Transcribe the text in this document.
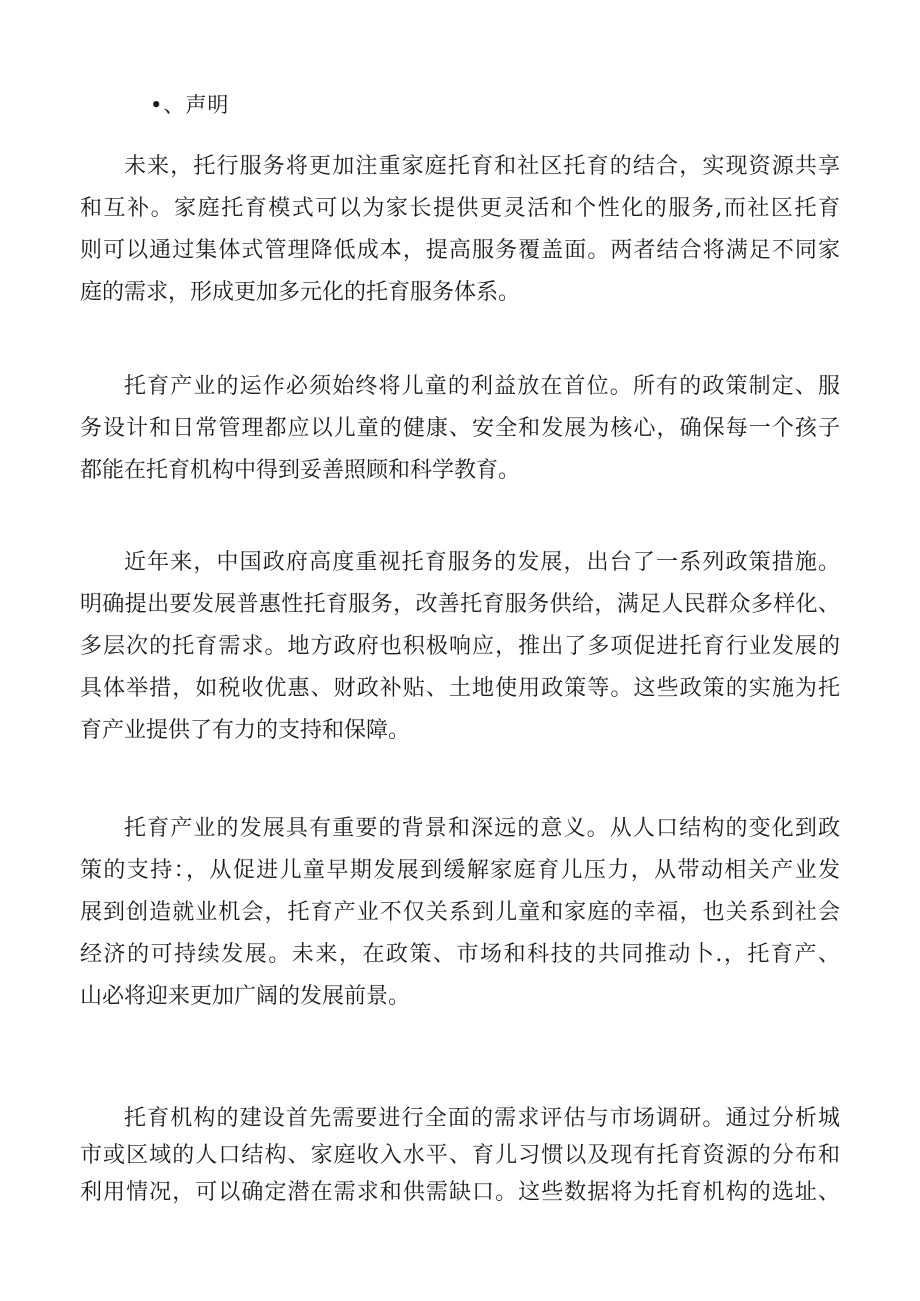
•、声明
未来，托行服务将更加注重家庭托育和社区托育的结合，实现资源共享
和互补。家庭托育模式可以为家长提供更灵活和个性化的服务,而社区托育
则可以通过集体式管理降低成本，提高服务覆盖面。两者结合将满足不同家
庭的需求，形成更加多元化的托育服务体系。
托育产业的运作必须始终将儿童的利益放在首位。所有的政策制定、服
务设计和日常管理都应以儿童的健康、安全和发展为核心，确保每一个孩子
都能在托育机构中得到妥善照顾和科学教育。
近年来，中国政府高度重视托育服务的发展，出台了一系列政策措施。
明确提出要发展普惠性托育服务，改善托育服务供给，满足人民群众多样化、
多层次的托育需求。地方政府也积极响应，推出了多项促进托育行业发展的
具体举措，如税收优惠、财政补贴、土地使用政策等。这些政策的实施为托
育产业提供了有力的支持和保障。
托育产业的发展具有重要的背景和深远的意义。从人口结构的变化到政
策的支持：，从促进儿童早期发展到缓解家庭育儿压力，从带动相关产业发
展到创造就业机会，托育产业不仅关系到儿童和家庭的幸福，也关系到社会
经济的可持续发展。未来，在政策、市场和科技的共同推动卜.，托育产、
山必将迎来更加广阔的发展前景。
托育机构的建设首先需要进行全面的需求评估与市场调研。通过分析城
市或区域的人口结构、家庭收入水平、育儿习惯以及现有托育资源的分布和
利用情况，可以确定潜在需求和供需缺口。这些数据将为托育机构的选址、
